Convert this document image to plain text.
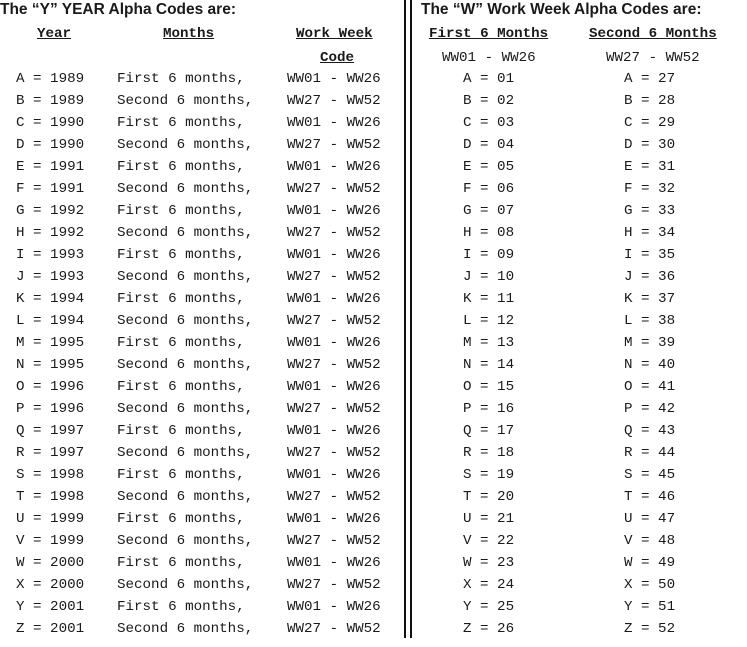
The “Y” YEAR Alpha Codes are:
Year	Months	Work Week
Code
A = 1989 First 6 months,	WW01 - WW26
B = 1989 Second 6 months, WW27 - WW52
C = 1990 First 6 months,	WW01 - WW26
D = 1990 Second 6 months, WW27 - WW52
E = 1991 First 6 months,	WW01 - WW26
F = 1991 Second 6 months, WW27 - WW52
G = 1992 First 6 months,	WW01 - WW26
H = 1992 Second 6 months, WW27 - WW52
I = 1993 First 6 months,	WW01 - WW26
J = 1993 Second 6 months, WW27 - WW52
K = 1994 First 6 months,	WW01 - WW26
L = 1994 Second 6 months, WW27 - WW52
M = 1995 First 6 months,	WW01 - WW26
N = 1995 Second 6 months, WW27 - WW52
O = 1996 First 6 months,	WW01 - WW26
P = 1996 Second 6 months, WW27 - WW52
Q = 1997 First 6 months,	WW01 - WW26
R = 1997 Second 6 months, WW27 - WW52
S = 1998 First 6 months,	WW01 - WW26
T = 1998 Second 6 months, WW27 - WW52
U = 1999 First 6 months,	WW01 - WW26
V = 1999 Second 6 months, WW27 - WW52
W = 2000 First 6 months,	WW01 - WW26
X = 2000 Second 6 months, WW27 - WW52
Y = 2001 First 6 months,	WW01 - WW26
Z = 2001 Second 6 months, WW27 - WW52
The “W” Work Week Alpha Codes are:
First 6 Months	Second 6 Months
WW01 - WW26	WW27 - WW52
A = 01	A = 27
B = 02	B = 28
C = 03	C = 29
D = 04	D = 30
E = 05	E = 31
F = 06	F = 32
G = 07	G = 33
H = 08	H = 34
I = 09	I = 35
J = 10	J = 36
K = 11	K = 37
L = 12	L = 38
M = 13	M = 39
N = 14	N = 40
O = 15	O = 41
P = 16	P = 42
Q = 17	Q = 43
R = 18	R = 44
S = 19	S = 45
T = 20	T = 46
U = 21	U = 47
V = 22	V = 48
W = 23	W = 49
X = 24	X = 50
Y = 25	Y = 51
Z = 26	Z = 52
